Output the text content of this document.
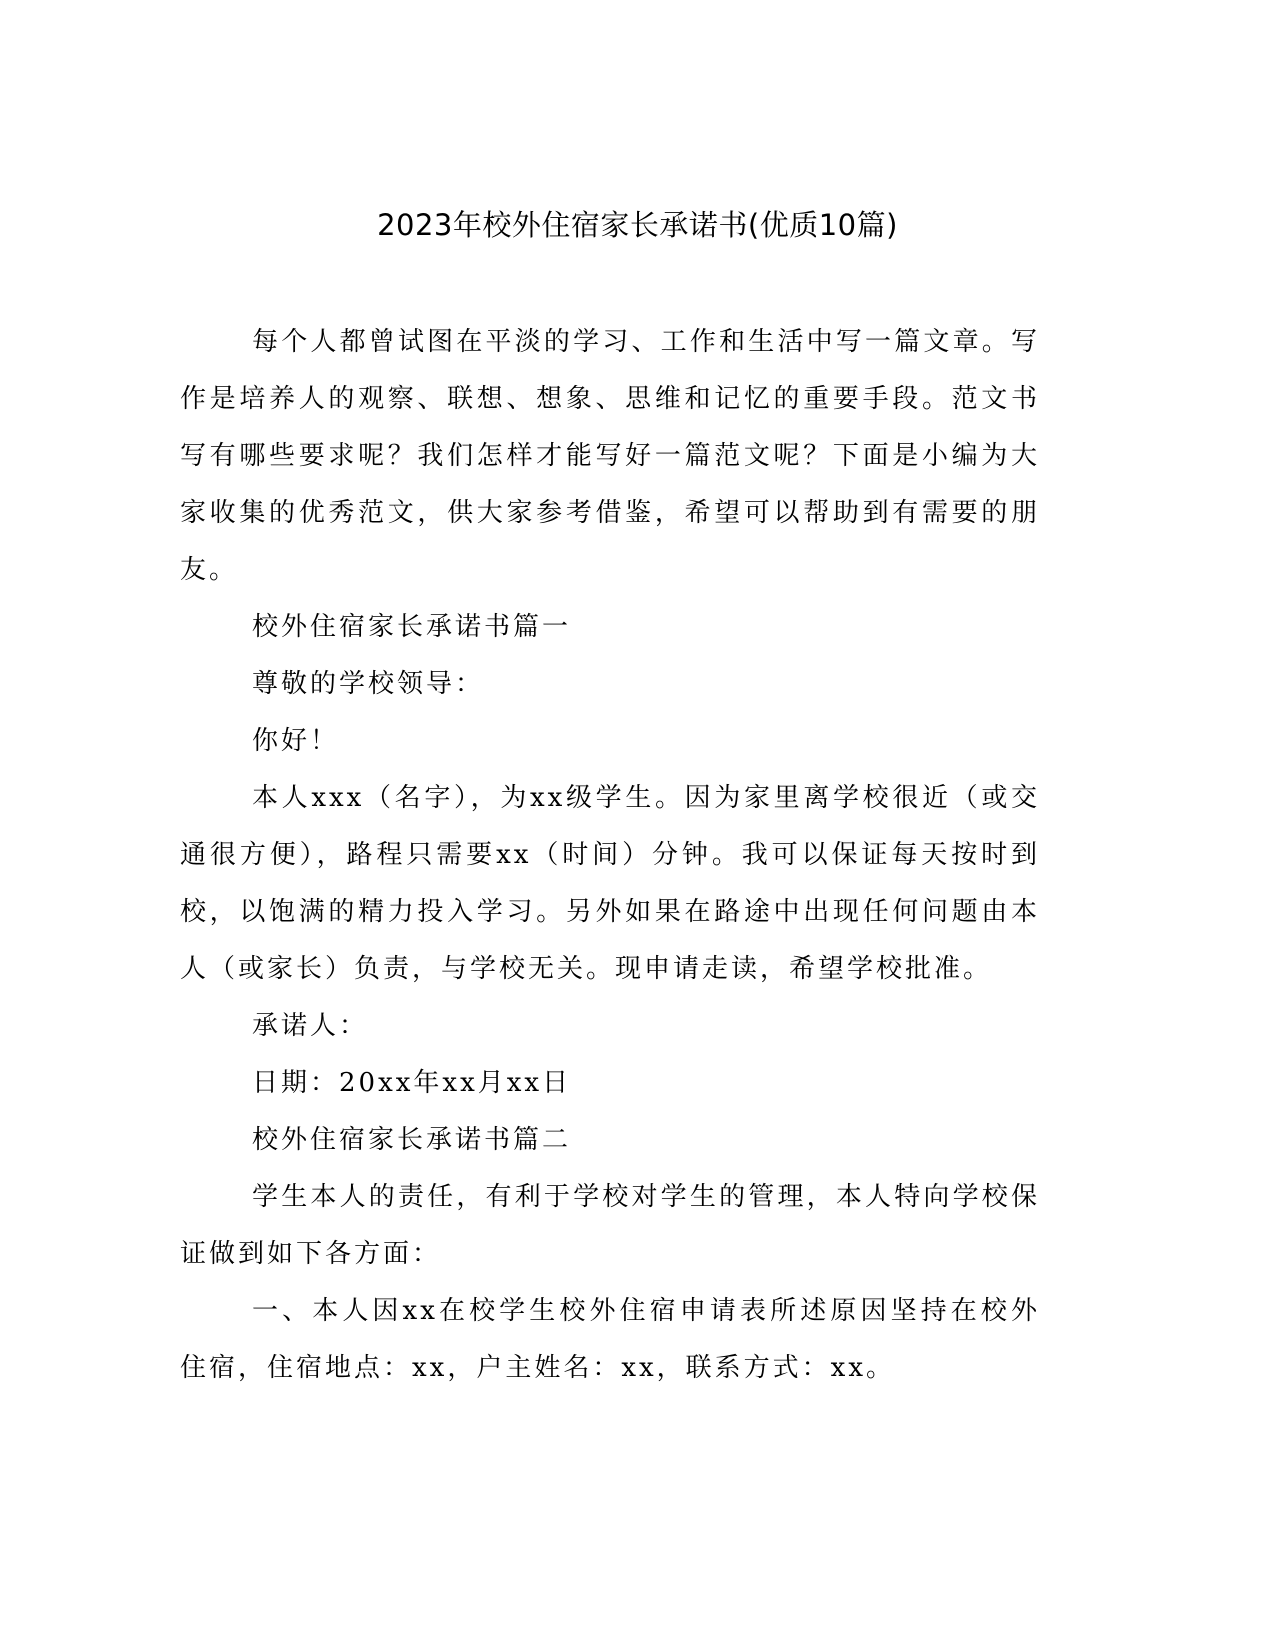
2023年校外住宿家长承诺书(优质10篇)

每个人都曾试图在平淡的学习、工作和生活中写一篇文章。写作是培养人的观察、联想、想象、思维和记忆的重要手段。范文书写有哪些要求呢？我们怎样才能写好一篇范文呢？下面是小编为大家收集的优秀范文，供大家参考借鉴，希望可以帮助到有需要的朋友。

校外住宿家长承诺书篇一

尊敬的学校领导：

你好！

本人xxx（名字），为xx级学生。因为家里离学校很近（或交通很方便），路程只需要xx（时间）分钟。我可以保证每天按时到校，以饱满的精力投入学习。另外如果在路途中出现任何问题由本人（或家长）负责，与学校无关。现申请走读，希望学校批准。

承诺人：

日期：20xx年xx月xx日

校外住宿家长承诺书篇二

学生本人的责任，有利于学校对学生的管理，本人特向学校保证做到如下各方面：

一、本人因xx在校学生校外住宿申请表所述原因坚持在校外住宿，住宿地点：xx，户主姓名：xx，联系方式：xx。
